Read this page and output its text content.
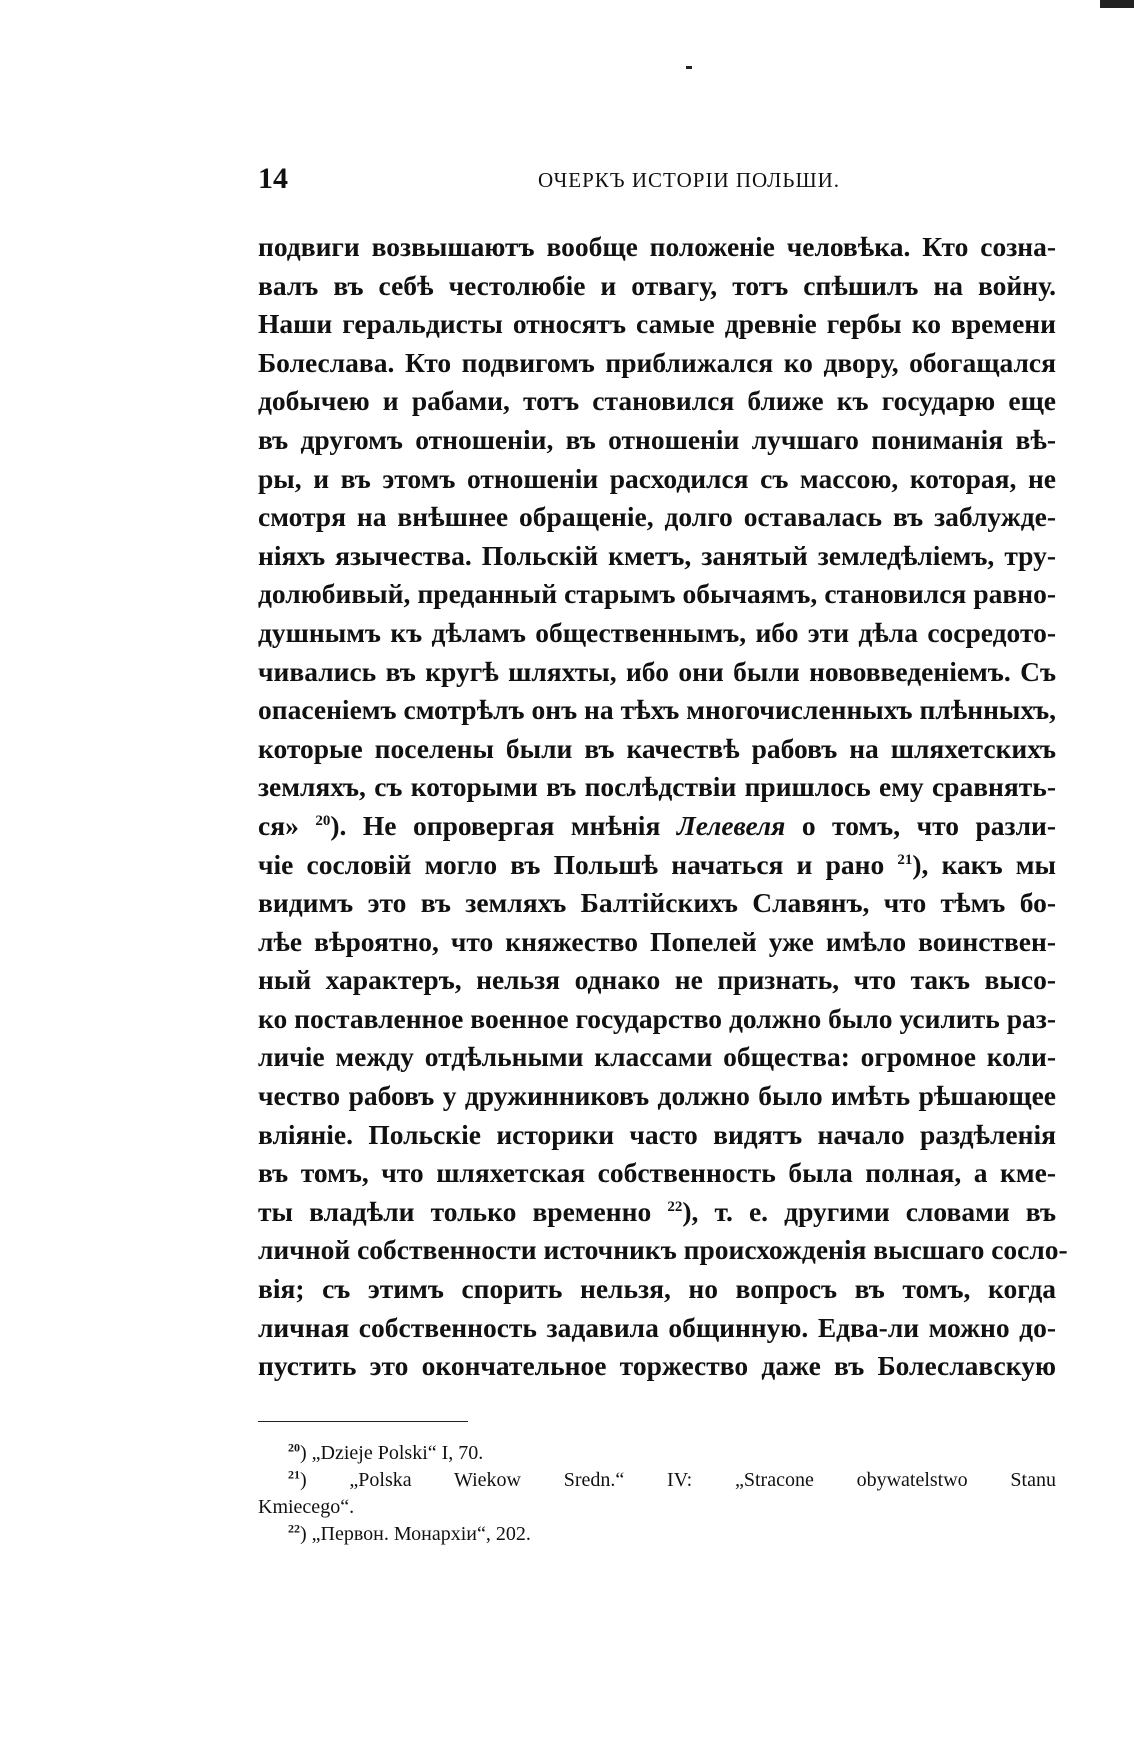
14	ОЧЕРКЪ ИСТОРІИ ПОЛЬШИ.
подвиги возвышаютъ вообще положеніе человѣка. Кто созна-
валъ въ себѣ честолюбіе и отвагу, тотъ спѣшилъ на войну.
Наши геральдисты относятъ самые древніе гербы ко времени
Болеслава. Кто подвигомъ приближался ко двору, обогащался
добычею и рабами, тотъ становился ближе къ государю еще
въ другомъ отношеніи, въ отношеніи лучшаго пониманія вѣ-
ры, и въ этомъ отношеніи расходился съ массою, которая, не
смотря на внѣшнее обращеніе, долго оставалась въ заблужде-
ніяхъ язычества. Польскій кметъ, занятый земледѣліемъ, тру-
долюбивый, преданный старымъ обычаямъ, становился равно-
душнымъ къ дѣламъ общественнымъ, ибо эти дѣла сосредото-
чивались въ кругѣ шляхты, ибо они были нововведеніемъ. Съ
опасеніемъ смотрѣлъ онъ на тѣхъ многочисленныхъ плѣнныхъ,
которые поселены были въ качествѣ рабовъ на шляхетскихъ
земляхъ, съ которыми въ послѣдствіи пришлось ему сравнять-
ся» $^{20}$). Не опровергая мнѣнія Лелевеля о томъ, что разли-
чіе сословій могло въ Польшѣ начаться и рано $^{21}$), какъ мы
видимъ это въ земляхъ Балтійскихъ Славянъ, что тѣмъ бо-
лѣе вѣроятно, что княжество Попелей уже имѣло воинствен-
ный характеръ, нельзя однако не признать, что такъ высо-
ко поставленное военное государство должно было усилить раз-
личіе между отдѣльными классами общества: огромное коли-
чество рабовъ у дружинниковъ должно было имѣть рѣшающее
вліяніе. Польскіе историки часто видятъ начало раздѣленія
въ томъ, что шляхетская собственность была полная, а кме-
ты владѣли только временно $^{22}$), т. е. другими словами въ
личной собственности источникъ происхожденія высшаго сосло-
вія; съ этимъ спорить нельзя, но вопросъ въ томъ, когда
личная собственность задавила общинную. Едва-ли можно до-
пустить это окончательное торжество даже въ Болеславскую
$^{20}$) „Dzieje Polski“ I, 70.
$^{21}$) „Polska Wiekow Sredn.“ IV: „Stracone obywatelstwo Stanu
Kmiecego“.
$^{22}$) „Первон. Монархіи“, 202.
